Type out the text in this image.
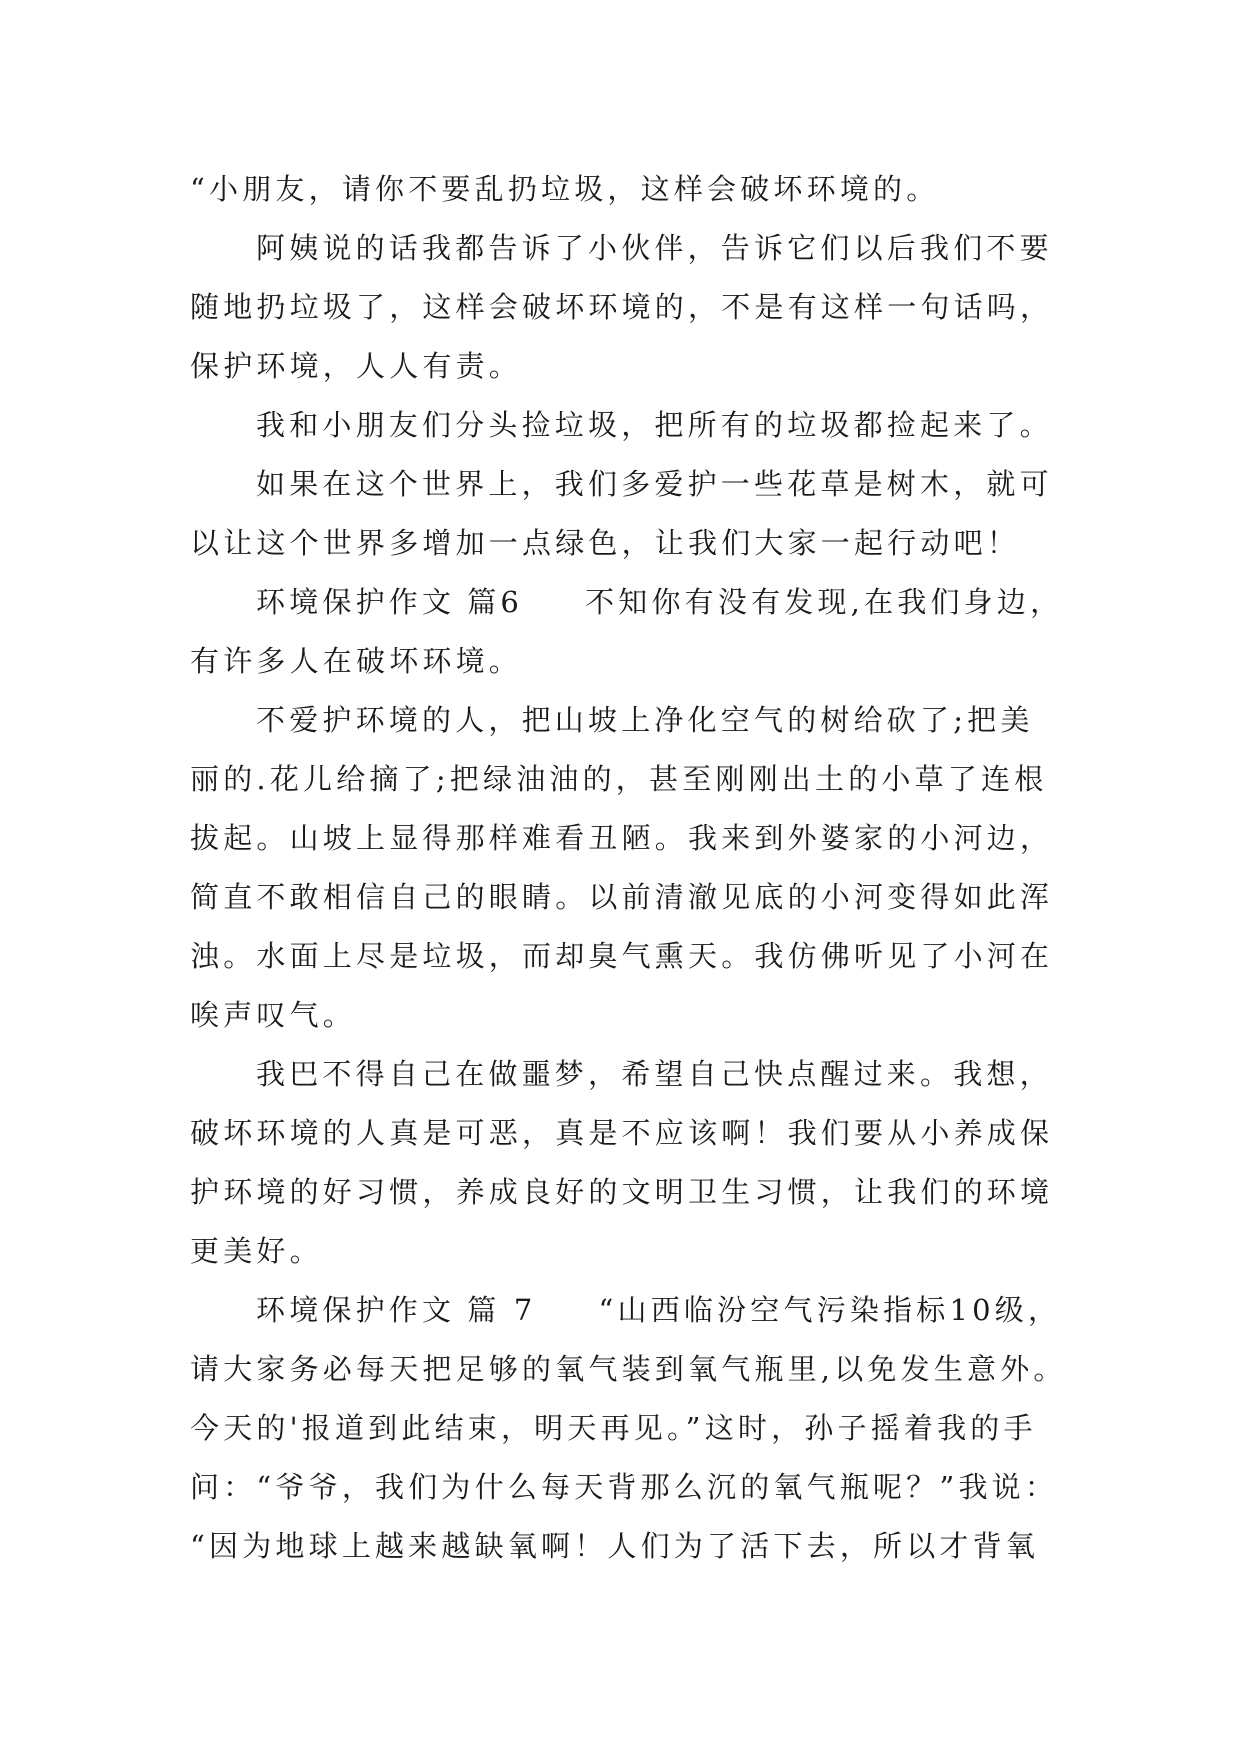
“小朋友，请你不要乱扔垃圾，这样会破坏环境的。
阿姨说的话我都告诉了小伙伴，告诉它们以后我们不要
随地扔垃圾了，这样会破坏环境的，不是有这样一句话吗，
保护环境，人人有责。
我和小朋友们分头捡垃圾，把所有的垃圾都捡起来了。
如果在这个世界上，我们多爱护一些花草是树木，就可
以让这个世界多增加一点绿色，让我们大家一起行动吧！
环境保护作文 篇6 不知你有没有发现,在我们身边，
有许多人在破坏环境。
不爱护环境的人，把山坡上净化空气的树给砍了;把美
丽的.花儿给摘了;把绿油油的，甚至刚刚出土的小草了连根
拔起。山坡上显得那样难看丑陋。我来到外婆家的小河边，
简直不敢相信自己的眼睛。以前清澈见底的小河变得如此浑
浊。水面上尽是垃圾，而却臭气熏天。我仿佛听见了小河在
唉声叹气。
我巴不得自己在做噩梦，希望自己快点醒过来。我想，
破坏环境的人真是可恶，真是不应该啊！我们要从小养成保
护环境的好习惯，养成良好的文明卫生习惯，让我们的环境
更美好。
环境保护作文 篇 7 “山西临汾空气污染指标10级，
请大家务必每天把足够的氧气装到氧气瓶里,以免发生意外。
今天的'报道到此结束，明天再见。”这时，孙子摇着我的手
问：“爷爷，我们为什么每天背那么沉的氧气瓶呢？”我说：
“因为地球上越来越缺氧啊！人们为了活下去，所以才背氧
